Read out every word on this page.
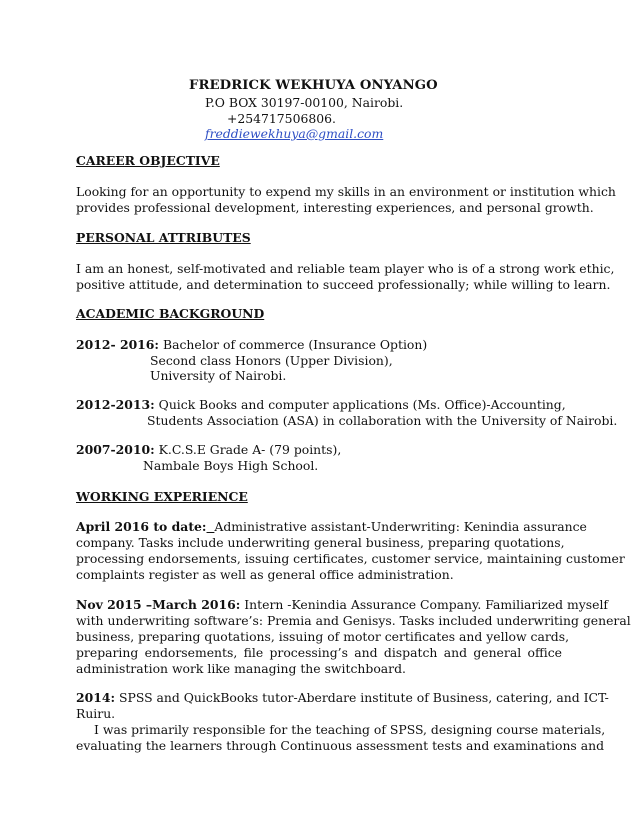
FREDRICK WEKHUYA ONYANGO
P.O BOX 30197-00100, Nairobi.
+254717506806.
freddiewekhuya@gmail.com
CAREER OBJECTIVE
Looking for an opportunity to expend my skills in an environment or institution which
provides professional development, interesting experiences, and personal growth.
PERSONAL ATTRIBUTES
I am an honest, self-motivated and reliable team player who is of a strong work ethic,
positive attitude, and determination to succeed professionally; while willing to learn.
ACADEMIC BACKGROUND
2012- 2016: Bachelor of commerce (Insurance Option)
Second class Honors (Upper Division),
University of Nairobi.
2012-2013: Quick Books and computer applications (Ms. Office)-Accounting,
Students Association (ASA) in collaboration with the University of Nairobi.
2007-2010: K.C.S.E Grade A- (79 points),
Nambale Boys High School.
WORKING EXPERIENCE
April 2016 to date: Administrative assistant-Underwriting: Kenindia assurance
company. Tasks include underwriting general business, preparing quotations,
processing endorsements, issuing certificates, customer service, maintaining customer
complaints register as well as general office administration.
Nov 2015 –March 2016: Intern -Kenindia Assurance Company. Familiarized myself
with underwriting software’s: Premia and Genisys. Tasks included underwriting general
business, preparing quotations, issuing of motor certificates and yellow cards,
preparing endorsements, file processing’s and dispatch and general office
administration work like managing the switchboard.
2014: SPSS and QuickBooks tutor-Aberdare institute of Business, catering, and ICT-
Ruiru.
I was primarily responsible for the teaching of SPSS, designing course materials,
evaluating the learners through Continuous assessment tests and examinations and
